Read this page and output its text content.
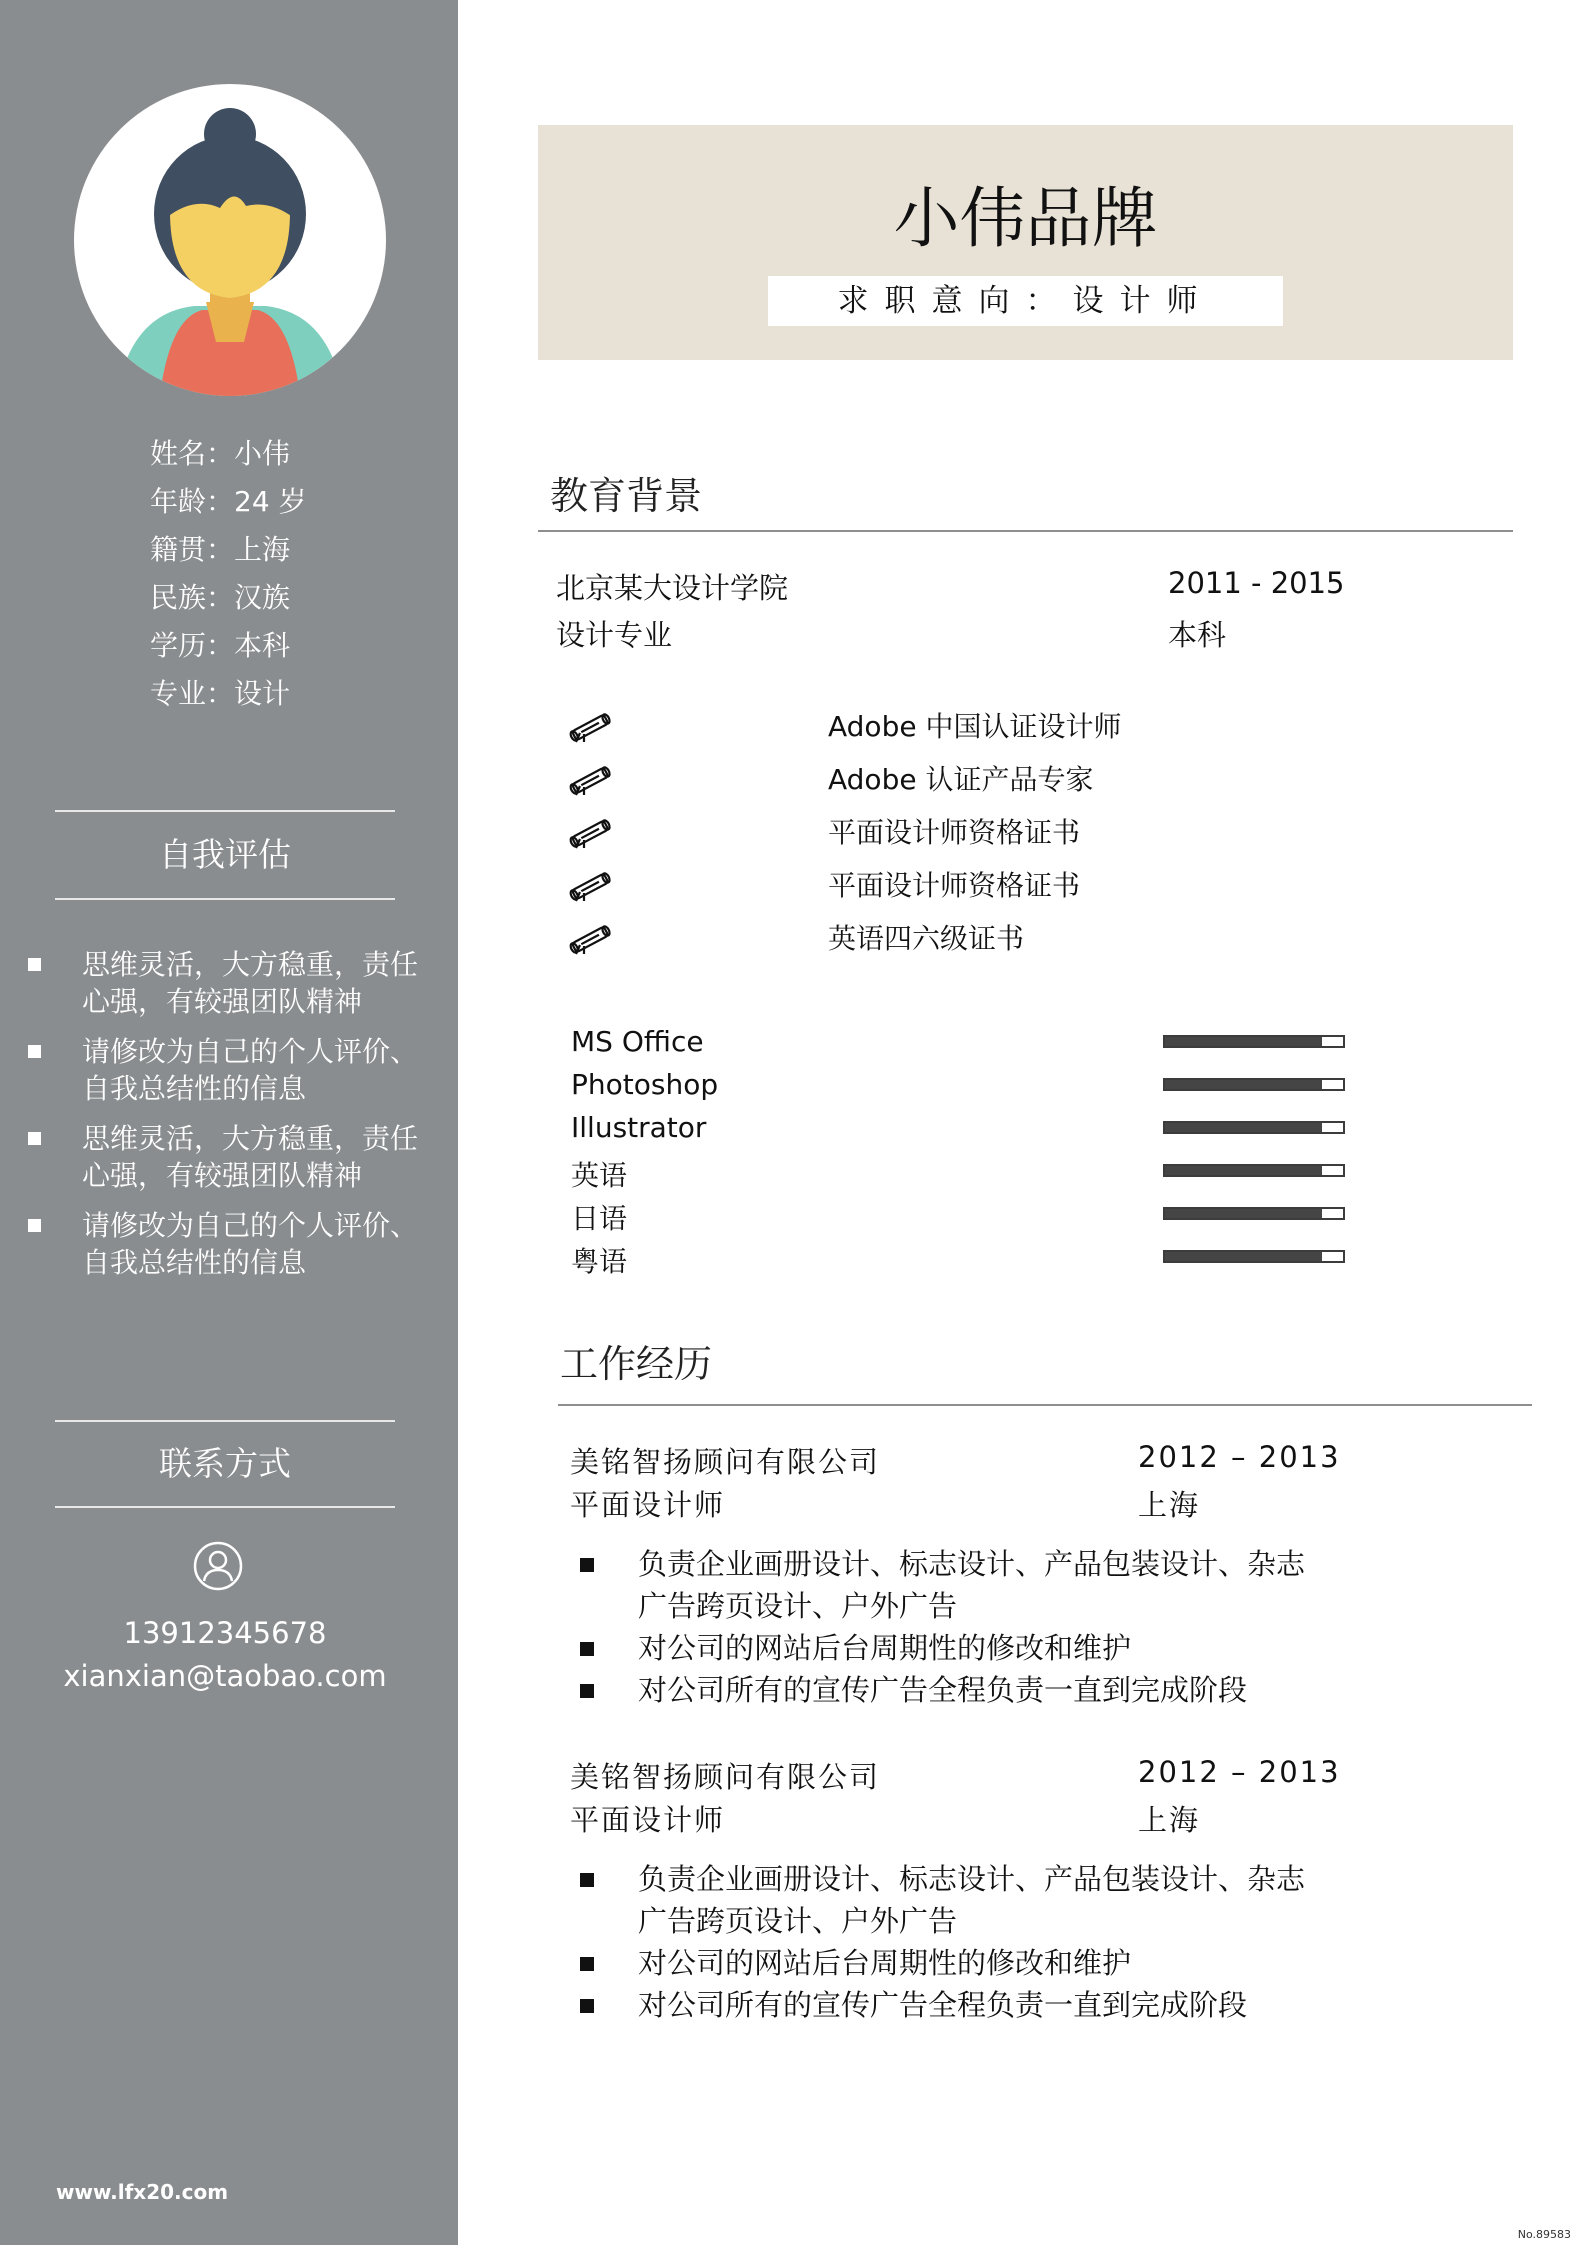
姓名：小伟
年龄：24 岁
籍贯：上海
民族：汉族
学历：本科
专业：设计
自我评估
思维灵活，大方稳重，责任心强，有较强团队精神
请修改为自己的个人评价、自我总结性的信息
思维灵活，大方稳重，责任心强，有较强团队精神
请修改为自己的个人评价、自我总结性的信息
联系方式
13912345678
xianxian@taobao.com
www.lfx20.com
小伟品牌
求职意向：设计师
教育背景
北京某大设计学院	2011 - 2015
设计专业	本科
Adobe 中国认证设计师
Adobe 认证产品专家
平面设计师资格证书
平面设计师资格证书
英语四六级证书
MS Office
Photoshop
Illustrator
英语
日语
粤语
工作经历
美铭智扬顾问有限公司	2012 – 2013
平面设计师	上海
负责企业画册设计、标志设计、产品包装设计、杂志广告跨页设计、户外广告
对公司的网站后台周期性的修改和维护
对公司所有的宣传广告全程负责一直到完成阶段
美铭智扬顾问有限公司	2012 – 2013
平面设计师	上海
负责企业画册设计、标志设计、产品包装设计、杂志广告跨页设计、户外广告
对公司的网站后台周期性的修改和维护
对公司所有的宣传广告全程负责一直到完成阶段
No.89583
